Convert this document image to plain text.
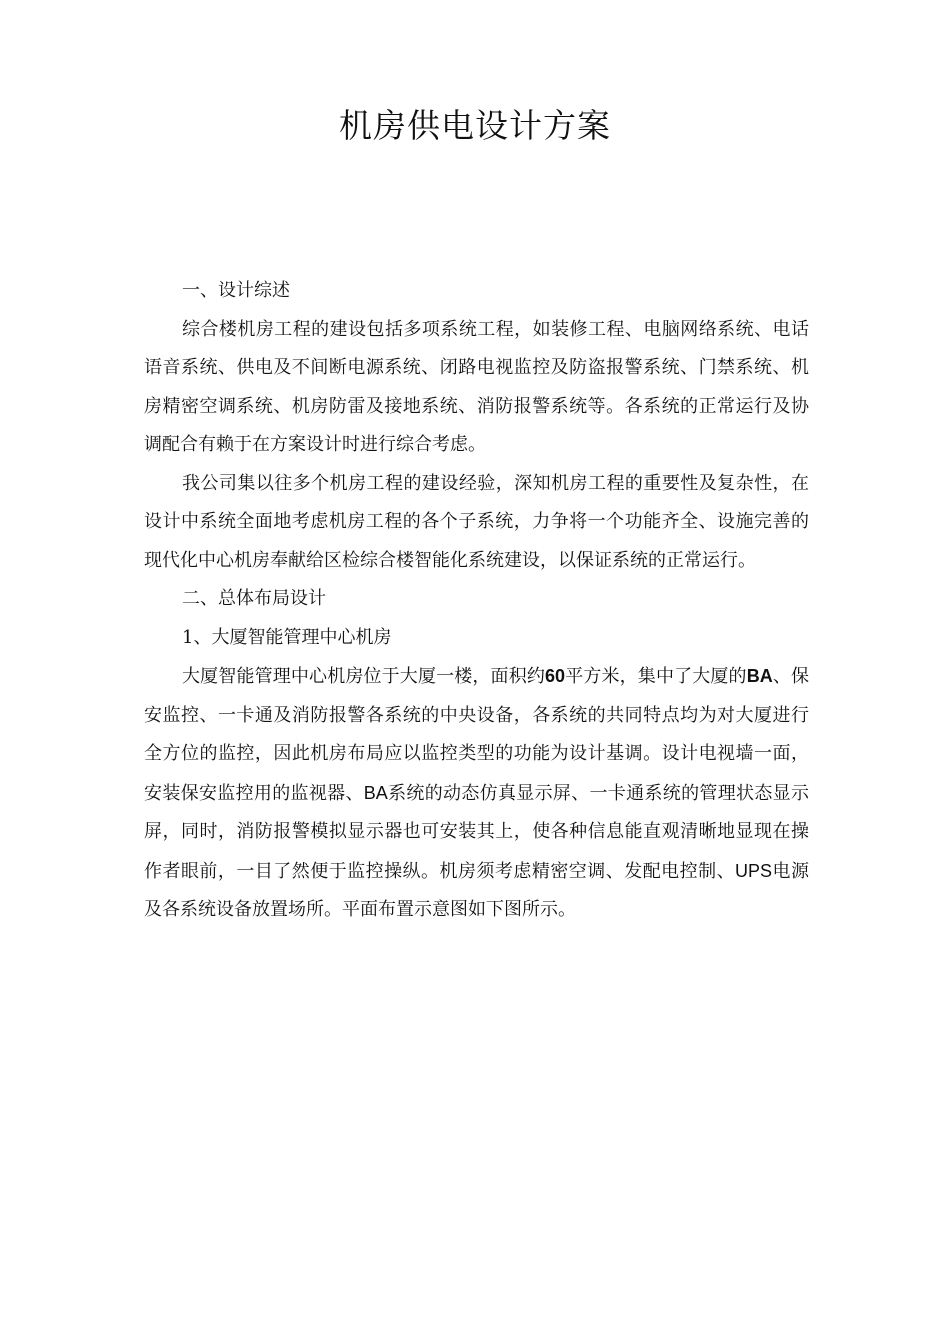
机房供电设计方案

一、设计综述

综合楼机房工程的建设包括多项系统工程，如装修工程、电脑网络系统、电话语音系统、供电及不间断电源系统、闭路电视监控及防盗报警系统、门禁系统、机房精密空调系统、机房防雷及接地系统、消防报警系统等。各系统的正常运行及协调配合有赖于在方案设计时进行综合考虑。

我公司集以往多个机房工程的建设经验，深知机房工程的重要性及复杂性，在设计中系统全面地考虑机房工程的各个子系统，力争将一个功能齐全、设施完善的现代化中心机房奉献给区检综合楼智能化系统建设，以保证系统的正常运行。

二、总体布局设计

1、大厦智能管理中心机房

大厦智能管理中心机房位于大厦一楼，面积约60平方米，集中了大厦的BA、保安监控、一卡通及消防报警各系统的中央设备，各系统的共同特点均为对大厦进行全方位的监控，因此机房布局应以监控类型的功能为设计基调。设计电视墙一面，安装保安监控用的监视器、BA系统的动态仿真显示屏、一卡通系统的管理状态显示屏，同时，消防报警模拟显示器也可安装其上，使各种信息能直观清晰地显现在操作者眼前，一目了然便于监控操纵。机房须考虑精密空调、发配电控制、UPS电源及各系统设备放置场所。平面布置示意图如下图所示。
